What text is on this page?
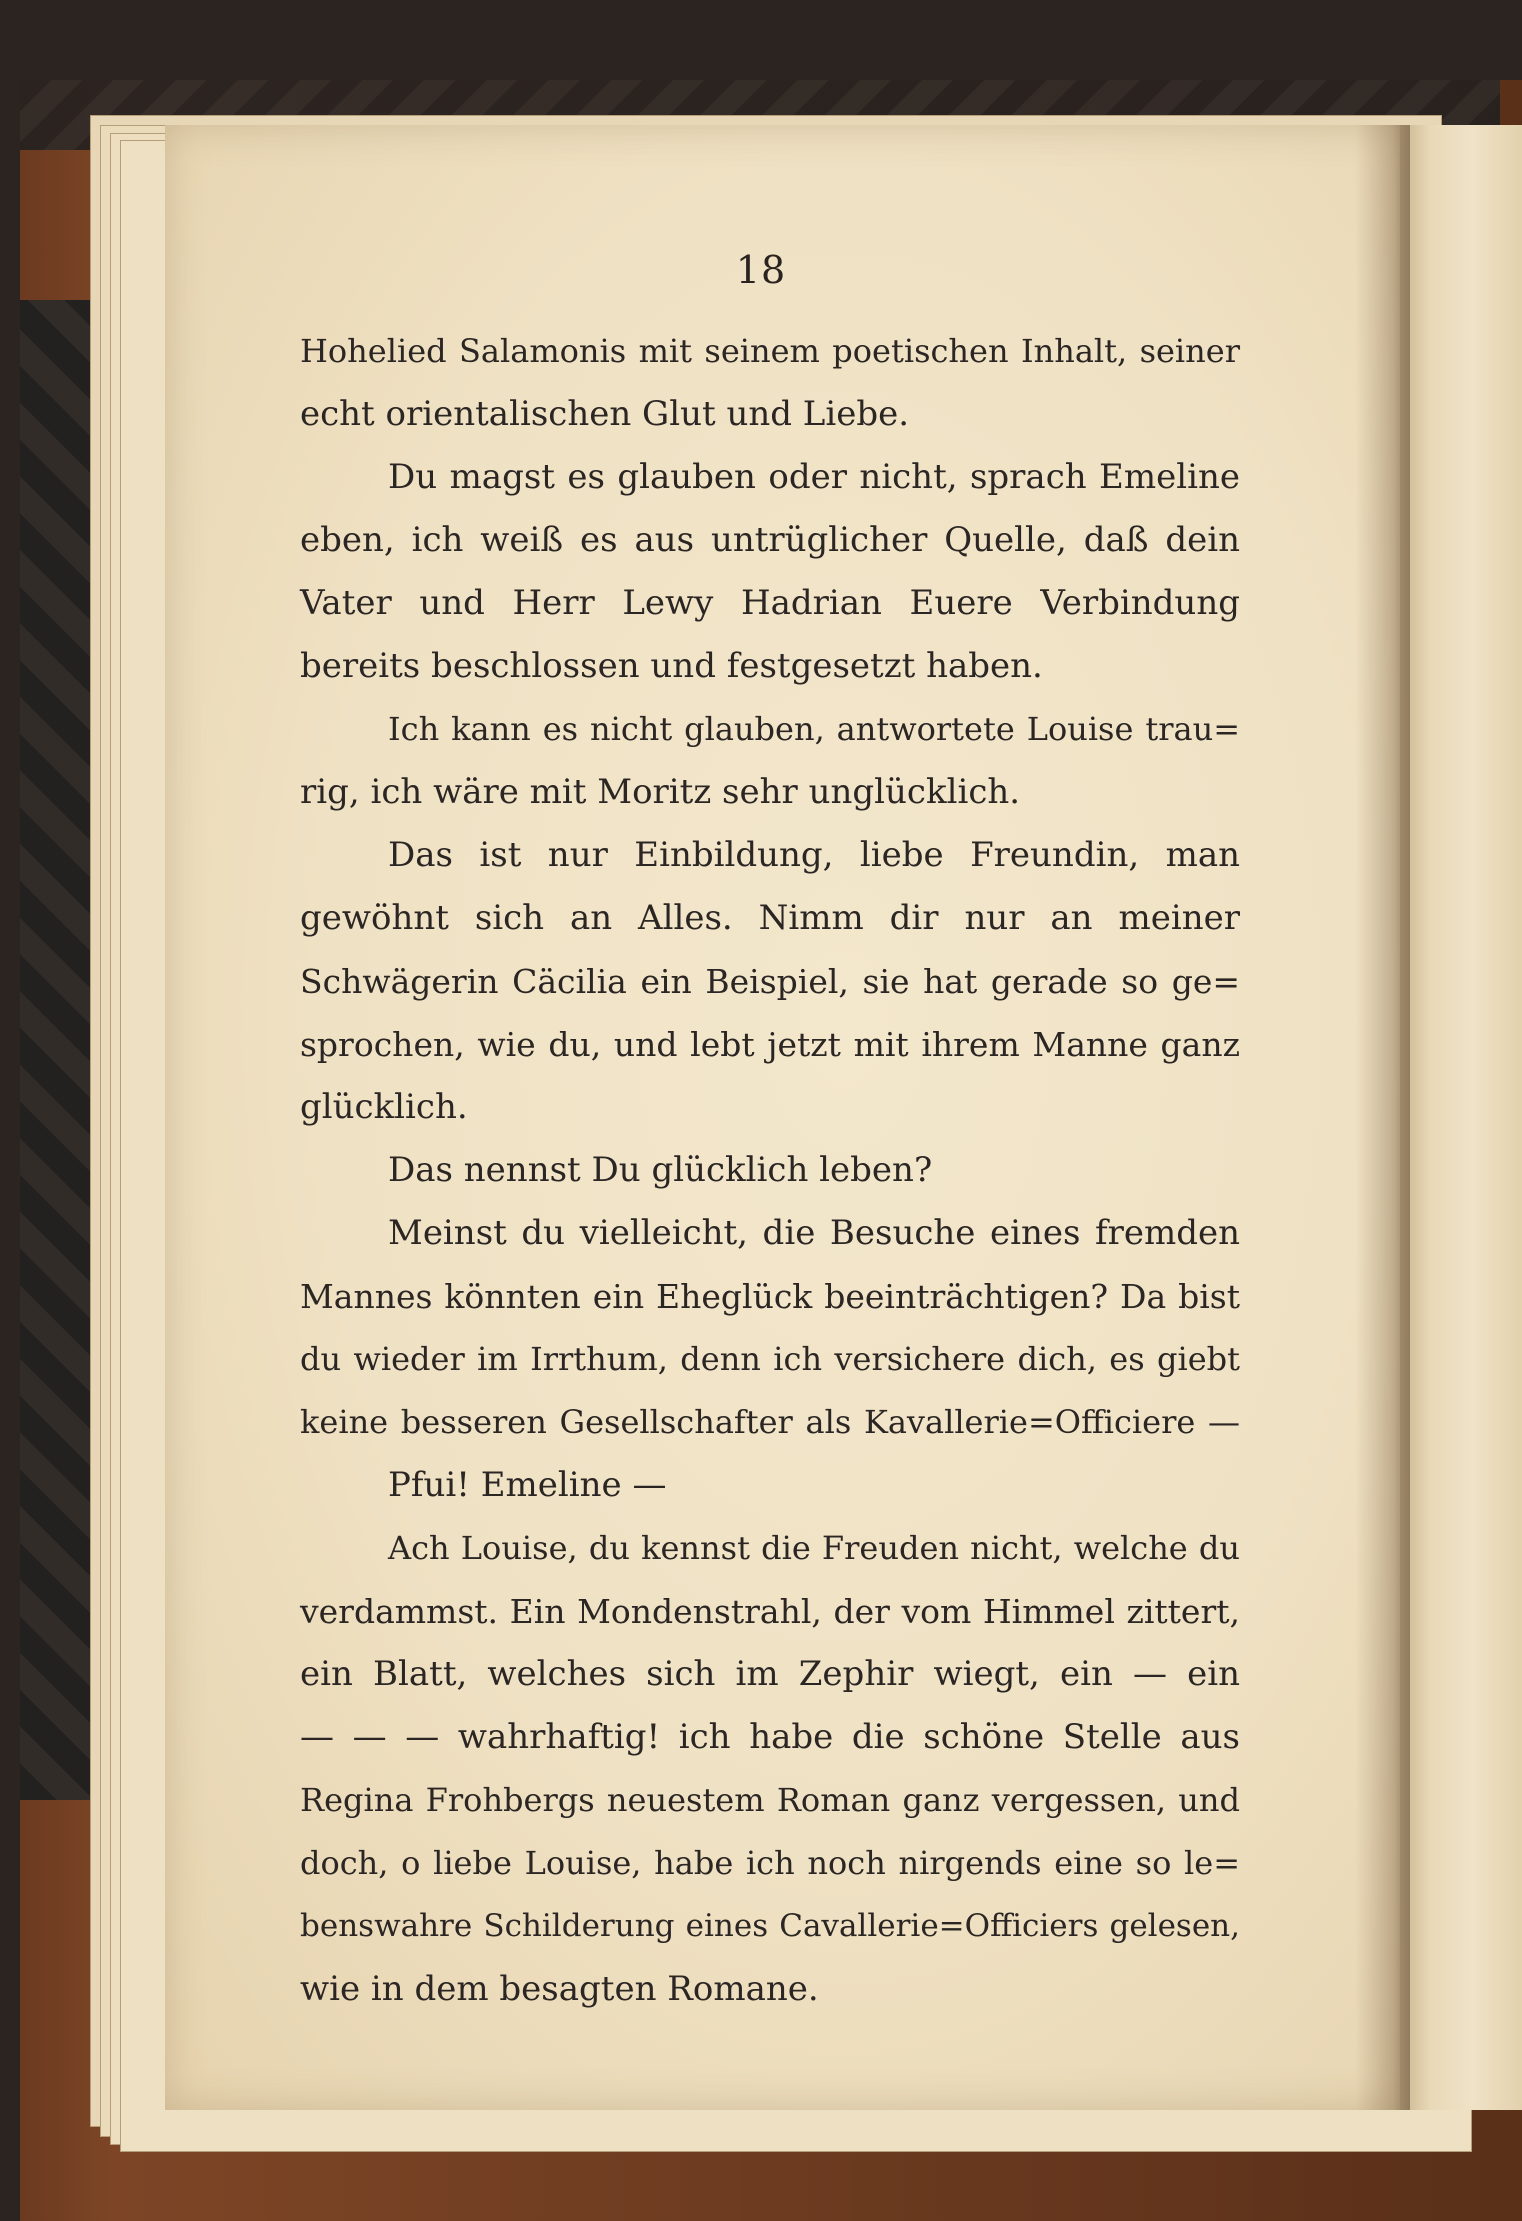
18
Hohelied Salamonis mit seinem poetischen Inhalt, seiner
echt orientalischen Glut und Liebe.
Du magst es glauben oder nicht, sprach Emeline
eben, ich weiß es aus untrüglicher Quelle, daß dein
Vater und Herr Lewy Hadrian Euere Verbindung
bereits beschlossen und festgesetzt haben.
Ich kann es nicht glauben, antwortete Louise trau=
rig, ich wäre mit Moritz sehr unglücklich.
Das ist nur Einbildung, liebe Freundin, man
gewöhnt sich an Alles. Nimm dir nur an meiner
Schwägerin Cäcilia ein Beispiel, sie hat gerade so ge=
sprochen, wie du, und lebt jetzt mit ihrem Manne ganz
glücklich.
Das nennst Du glücklich leben?
Meinst du vielleicht, die Besuche eines fremden
Mannes könnten ein Eheglück beeinträchtigen? Da bist
du wieder im Irrthum, denn ich versichere dich, es giebt
keine besseren Gesellschafter als Kavallerie=Officiere —
Pfui! Emeline —
Ach Louise, du kennst die Freuden nicht, welche du
verdammst. Ein Mondenstrahl, der vom Himmel zittert,
ein Blatt, welches sich im Zephir wiegt, ein — ein
— — — wahrhaftig! ich habe die schöne Stelle aus
Regina Frohbergs neuestem Roman ganz vergessen, und
doch, o liebe Louise, habe ich noch nirgends eine so le=
benswahre Schilderung eines Cavallerie=Officiers gelesen,
wie in dem besagten Romane.
